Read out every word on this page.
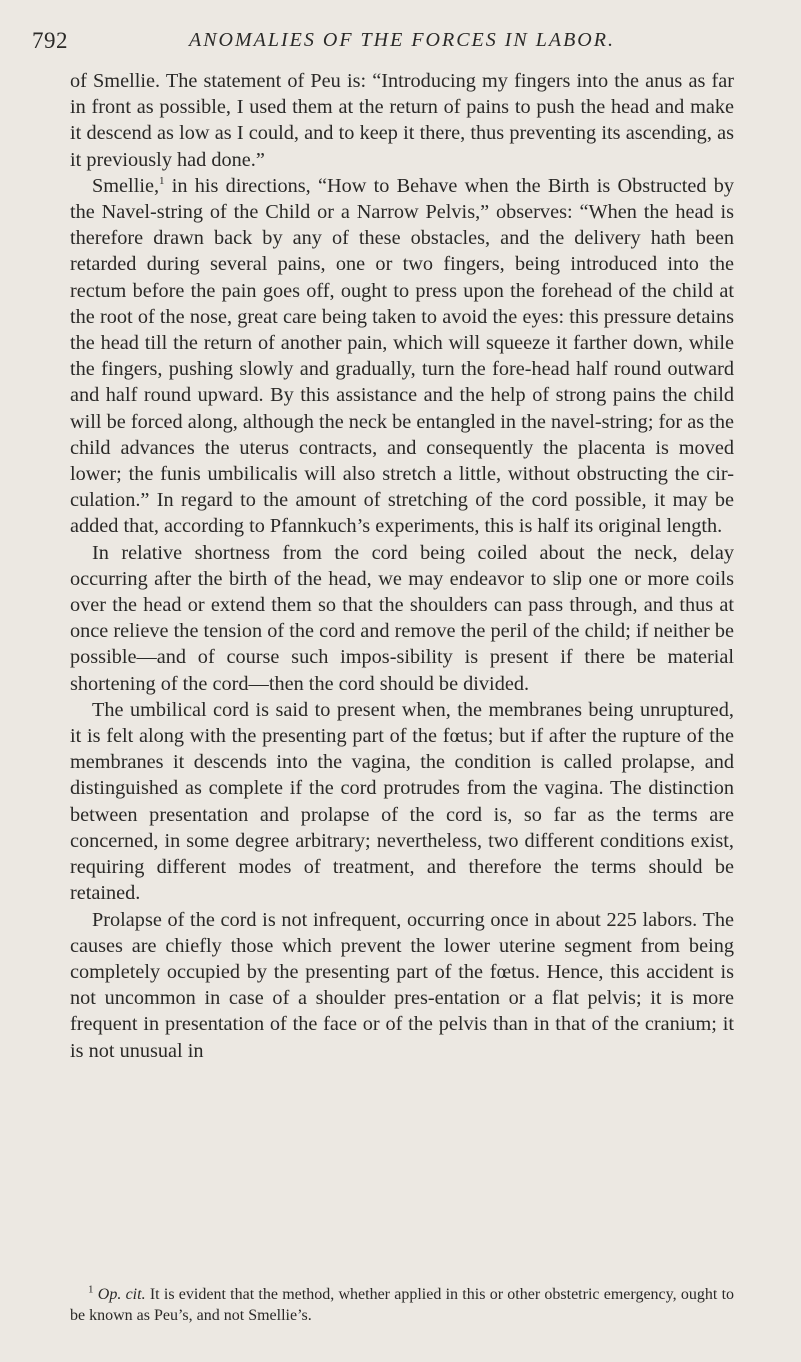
792	ANOMALIES OF THE FORCES IN LABOR.

of Smellie. The statement of Peu is: “Introducing my fingers into the anus as far in front as possible, I used them at the return of pains to push the head and make it descend as low as I could, and to keep it there, thus preventing its ascending, as it previously had done.”

Smellie,$^1$ in his directions, “How to Behave when the Birth is Obstructed by the Navel-string of the Child or a Narrow Pelvis,” observes: “When the head is therefore drawn back by any of these obstacles, and the delivery hath been retarded during several pains, one or two fingers, being introduced into the rectum before the pain goes off, ought to press upon the forehead of the child at the root of the nose, great care being taken to avoid the eyes: this pressure detains the head till the return of another pain, which will squeeze it farther down, while the fingers, pushing slowly and gradually, turn the fore-head half round outward and half round upward. By this assistance and the help of strong pains the child will be forced along, although the neck be entangled in the navel-string; for as the child advances the uterus contracts, and consequently the placenta is moved lower; the funis umbilicalis will also stretch a little, without obstructing the cir-culation.” In regard to the amount of stretching of the cord possible, it may be added that, according to Pfannkuch’s experiments, this is half its original length.

In relative shortness from the cord being coiled about the neck, delay occurring after the birth of the head, we may endeavor to slip one or more coils over the head or extend them so that the shoulders can pass through, and thus at once relieve the tension of the cord and remove the peril of the child; if neither be possible—and of course such impos-sibility is present if there be material shortening of the cord—then the cord should be divided.

The umbilical cord is said to present when, the membranes being unruptured, it is felt along with the presenting part of the fœtus; but if after the rupture of the membranes it descends into the vagina, the condition is called prolapse, and distinguished as complete if the cord protrudes from the vagina. The distinction between presentation and prolapse of the cord is, so far as the terms are concerned, in some degree arbitrary; nevertheless, two different conditions exist, requiring different modes of treatment, and therefore the terms should be retained.

Prolapse of the cord is not infrequent, occurring once in about 225 labors. The causes are chiefly those which prevent the lower uterine segment from being completely occupied by the presenting part of the fœtus. Hence, this accident is not uncommon in case of a shoulder pres-entation or a flat pelvis; it is more frequent in presentation of the face or of the pelvis than in that of the cranium; it is not unusual in

$^1$ Op. cit. It is evident that the method, whether applied in this or other obstetric emergency, ought to be known as Peu’s, and not Smellie’s.
